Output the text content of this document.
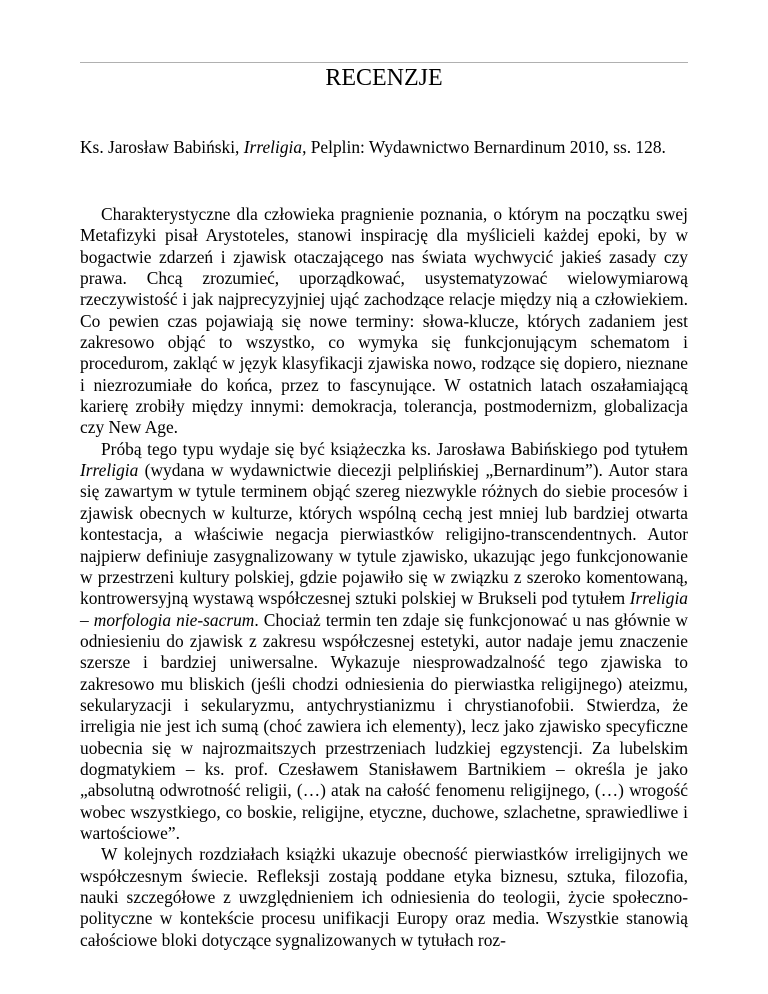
RECENZJE
Ks. Jarosław Babiński, Irreligia, Pelplin: Wydawnictwo Bernardinum 2010, ss. 128.

Charakterystyczne dla człowieka pragnienie poznania, o którym na początku swej Metafizyki pisał Arystoteles, stanowi inspirację dla myślicieli każdej epoki, by w bogactwie zdarzeń i zjawisk otaczającego nas świata wychwycić jakieś zasady czy prawa. Chcą zrozumieć, uporządkować, usystematyzować wielowymiarową rzeczywistość i jak najprecyzyjniej ująć zachodzące relacje między nią a człowiekiem. Co pewien czas pojawiają się nowe terminy: słowa-klucze, których zadaniem jest zakresowo objąć to wszystko, co wymyka się funkcjonującym schematom i procedurom, zakląć w język klasyfikacji zjawiska nowo, rodzące się dopiero, nieznane i niezrozumiałe do końca, przez to fascynujące. W ostatnich latach oszałamiającą karierę zrobiły między innymi: demokracja, tolerancja, postmodernizm, globalizacja czy New Age.

Próbą tego typu wydaje się być książeczka ks. Jarosława Babińskiego pod tytułem Irreligia (wydana w wydawnictwie diecezji pelplińskiej „Bernardinum”). Autor stara się zawartym w tytule terminem objąć szereg niezwykle różnych do siebie procesów i zjawisk obecnych w kulturze, których wspólną cechą jest mniej lub bardziej otwarta kontestacja, a właściwie negacja pierwiastków religijno-transcendentnych. Autor najpierw definiuje zasygnalizowany w tytule zjawisko, ukazując jego funkcjonowanie w przestrzeni kultury polskiej, gdzie pojawiło się w związku z szeroko komentowaną, kontrowersyjną wystawą współczesnej sztuki polskiej w Brukseli pod tytułem Irreligia – morfologia nie-sacrum. Chociaż termin ten zdaje się funkcjonować u nas głównie w odniesieniu do zjawisk z zakresu współczesnej estetyki, autor nadaje jemu znaczenie szersze i bardziej uniwersalne. Wykazuje niesprowadzalność tego zjawiska to zakresowo mu bliskich (jeśli chodzi odniesienia do pierwiastka religijnego) ateizmu, sekularyzacji i sekularyzmu, antychrystianizmu i chrystianofobii. Stwierdza, że irreligia nie jest ich sumą (choć zawiera ich elementy), lecz jako zjawisko specyficzne uobecnia się w najrozmaitszych przestrzeniach ludzkiej egzystencji. Za lubelskim dogmatykiem – ks. prof. Czesławem Stanisławem Bartnikiem – określa je jako „absolutną odwrotność religii, (…) atak na całość fenomenu religijnego, (…) wrogość wobec wszystkiego, co boskie, religijne, etyczne, duchowe, szlachetne, sprawiedliwe i wartościowe”.

W kolejnych rozdziałach książki ukazuje obecność pierwiastków irreligijnych we współczesnym świecie. Refleksji zostają poddane etyka biznesu, sztuka, filozofia, nauki szczegółowe z uwzględnieniem ich odniesienia do teologii, życie społeczno-polityczne w kontekście procesu unifikacji Europy oraz media. Wszystkie stanowią całościowe bloki dotyczące sygnalizowanych w tytułach roz-
